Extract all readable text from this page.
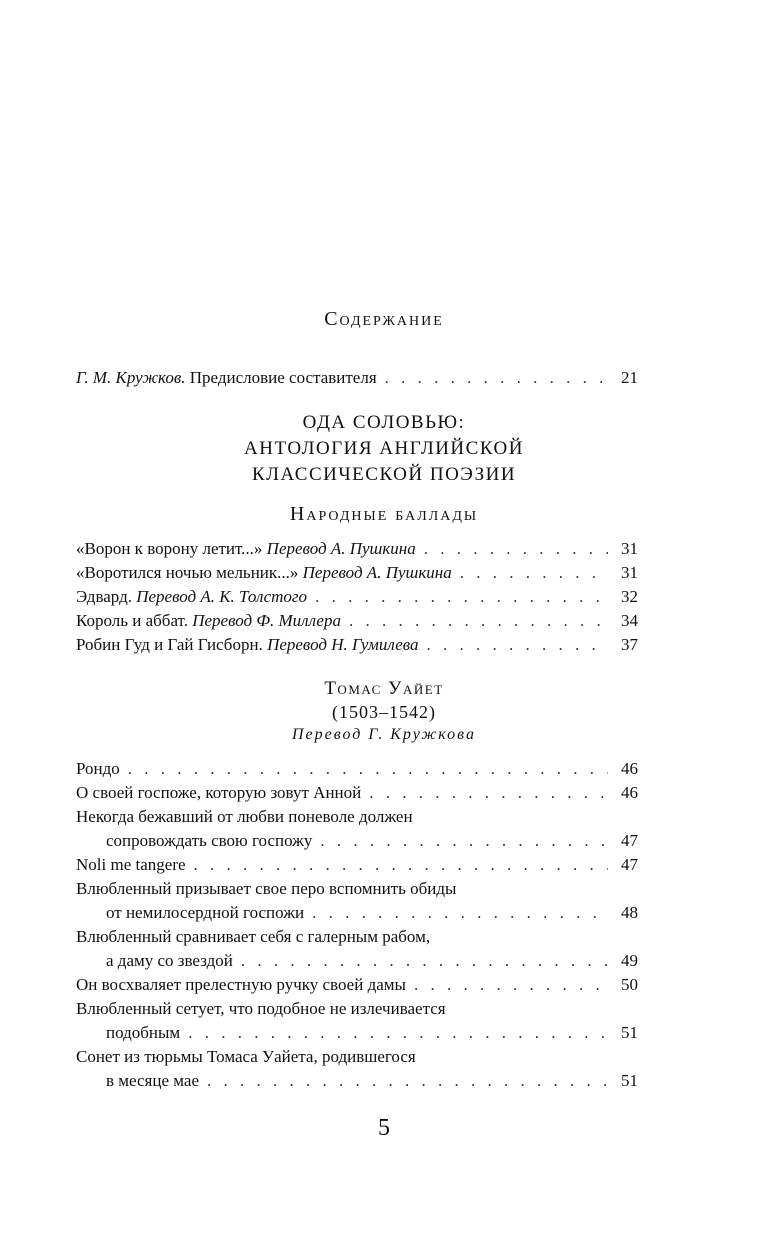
Содержание
Г. М. Кружков. Предисловие составителя . . .	21
ОДА СОЛОВЬЮ:
АНТОЛОГИЯ АНГЛИЙСКОЙ
КЛАССИЧЕСКОЙ ПОЭЗИИ
Народные баллады
«Ворон к ворону летит...» Перевод А. Пушкина . . .	31
«Воротился ночью мельник...» Перевод А. Пушкина . . .	31
Эдвард. Перевод А. К. Толстого . . .	32
Король и аббат. Перевод Ф. Миллера . . .	34
Робин Гуд и Гай Гисборн. Перевод Н. Гумилева . . .	37
Томас Уайет
(1503–1542)
Перевод Г. Кружкова
Рондо . . .	46
О своей госпоже, которую зовут Анной . . .	46
Некогда бежавший от любви поневоле должен
сопровождать свою госпожу . . .	47
Noli me tangere . . .	47
Влюбленный призывает свое перо вспомнить обиды
от немилосердной госпожи . . .	48
Влюбленный сравнивает себя с галерным рабом,
а даму со звездой . . .	49
Он восхваляет прелестную ручку своей дамы . . .	50
Влюбленный сетует, что подобное не излечивается
подобным . . .	51
Сонет из тюрьмы Томаса Уайета, родившегося
в месяце мае . . .	51
5
